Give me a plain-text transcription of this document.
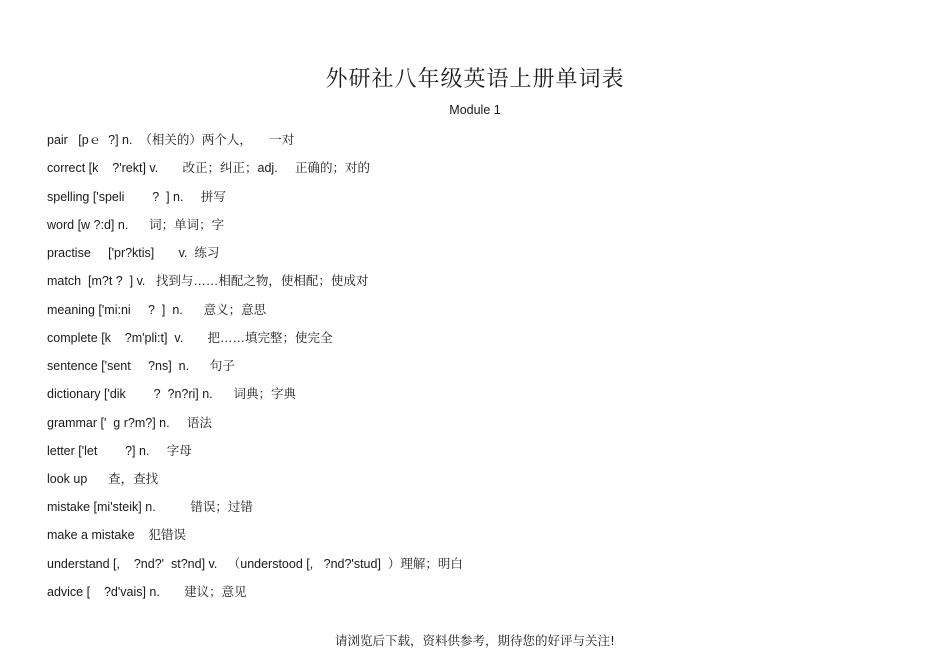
外研社八年级英语上册单词表
Module 1
pair   [pｅ  ?] n.  （相关的）两个人，     一对
correct [k    ?'rekt] v.       改正；纠正；adj.     正确的；对的
spelling ['speli        ?  ] n.     拼写
word [w ?:d] n.      词；单词；字
practise     ['pr?ktis]       v.  练习
match  [m?t ?  ] v.   找到与……相配之物，使相配；使成对
meaning ['mi:ni     ?  ]  n.      意义；意思
complete [k    ?m'pli:t]  v.       把……填完整；使完全
sentence ['sent     ?ns]  n.      句子
dictionary ['dik        ?  ?n?ri] n.      词典；字典
grammar ['  ɡ r?m?] n.     语法
letter ['let        ?] n.     字母
look up      查，查找
mistake [mi'steik] n.          错误；过错
make a mistake    犯错误
understand [,    ?nd?'  st?nd] v.   （understood [,   ?nd?'stud]  ）理解；明白
advice [    ?d'vais] n.       建议；意见
请浏览后下载，资料供参考，期待您的好评与关注!
